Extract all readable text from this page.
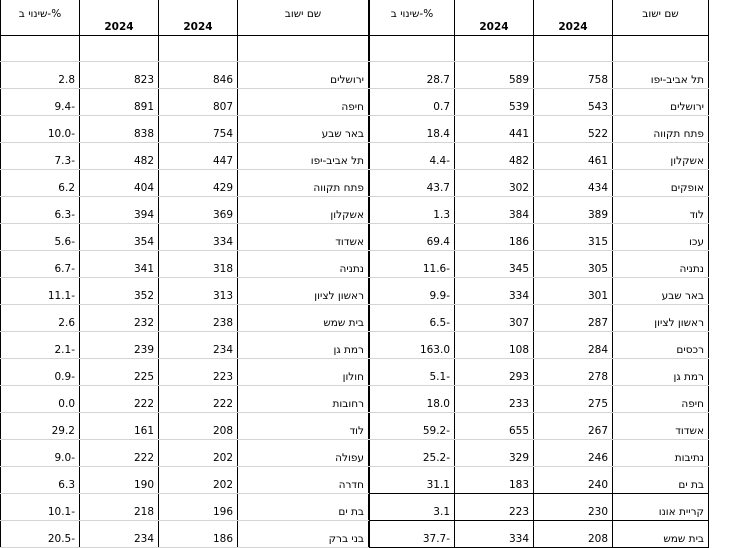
שינוי ב-%	2024	2024	שם ישוב

2.8	823	846	ירושלים
9.4-	891	807	חיפה
10.0-	838	754	באר שבע
7.3-	482	447	תל אביב-יפו
6.2	404	429	פתח תקווה
6.3-	394	369	אשקלון
5.6-	354	334	אשדוד
6.7-	341	318	נתניה
11.1-	352	313	ראשון לציון
2.6	232	238	בית שמש
2.1-	239	234	רמת גן
0.9-	225	223	חולון
0.0	222	222	רחובות
29.2	161	208	לוד
9.0-	222	202	עפולה
6.3	190	202	חדרה
10.1-	218	196	בת ים
20.5-	234	186	בני ברק
שינוי ב-%	2024	2024	שם ישוב

28.7	589	758	תל אביב-יפו
0.7	539	543	ירושלים
18.4	441	522	פתח תקווה
4.4-	482	461	אשקלון
43.7	302	434	אופקים
1.3	384	389	לוד
69.4	186	315	עכו
11.6-	345	305	נתניה
9.9-	334	301	באר שבע
6.5-	307	287	ראשון לציון
163.0	108	284	רכסים
5.1-	293	278	רמת גן
18.0	233	275	חיפה
59.2-	655	267	אשדוד
25.2-	329	246	נתיבות
31.1	183	240	בת ים
3.1	223	230	קריית אונו
37.7-	334	208	בית שמש
